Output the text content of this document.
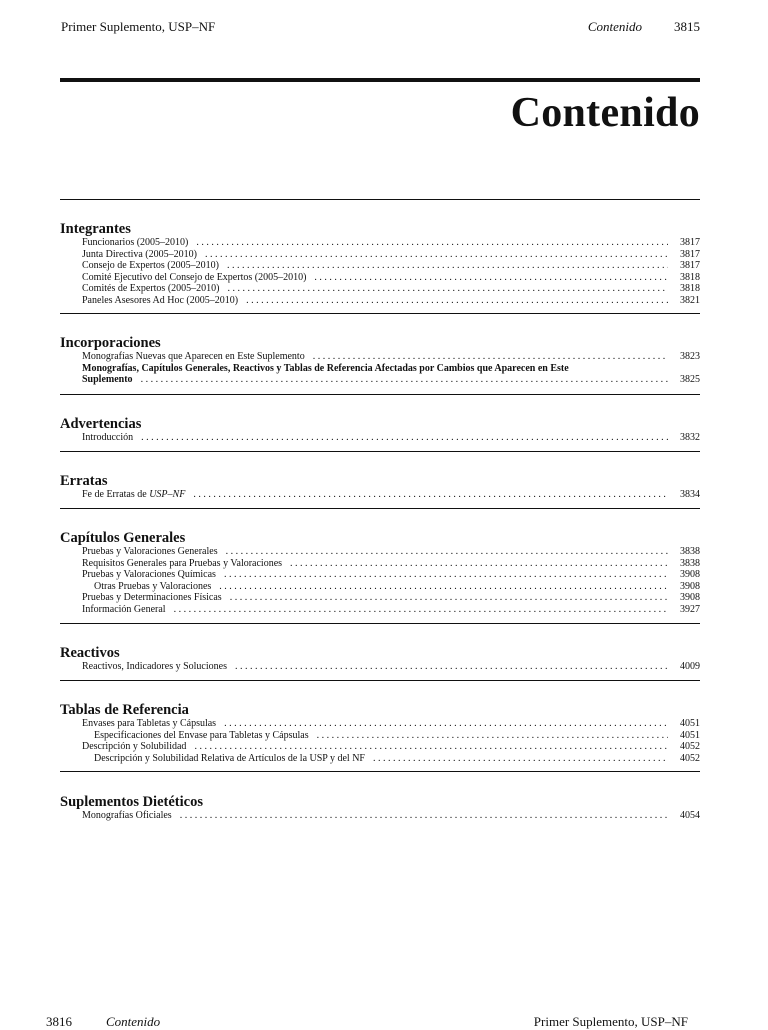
Primer Suplemento, USP–NF	Contenido 3815
Contenido
Integrantes
Funcionarios (2005–2010) . . .	3817
Junta Directiva (2005–2010) . . .	3817
Consejo de Expertos (2005–2010) . . .	3817
Comité Ejecutivo del Consejo de Expertos (2005–2010) . . .	3818
Comités de Expertos (2005–2010) . . .	3818
Paneles Asesores Ad Hoc (2005–2010) . . .	3821
Incorporaciones
Monografías Nuevas que Aparecen en Este Suplemento . . .	3823
Monografías, Capítulos Generales, Reactivos y Tablas de Referencia Afectadas por Cambios que Aparecen en Este
Suplemento . . .	3825
Advertencias
Introducción . . .	3832
Erratas
Fe de Erratas de USP–NF . . .	3834
Capítulos Generales
Pruebas y Valoraciones Generales . . .	3838
Requisitos Generales para Pruebas y Valoraciones . . .	3838
Pruebas y Valoraciones Químicas . . .	3908
Otras Pruebas y Valoraciones . . .	3908
Pruebas y Determinaciones Físicas . . .	3908
Información General . . .	3927
Reactivos
Reactivos, Indicadores y Soluciones . . .	4009
Tablas de Referencia
Envases para Tabletas y Cápsulas . . .	4051
Especificaciones del Envase para Tabletas y Cápsulas . . .	4051
Descripción y Solubilidad . . .	4052
Descripción y Solubilidad Relativa de Artículos de la USP y del NF . . .	4052
Suplementos Dietéticos
Monografías Oficiales . . .	4054
3816	Contenido	Primer Suplemento, USP–NF
